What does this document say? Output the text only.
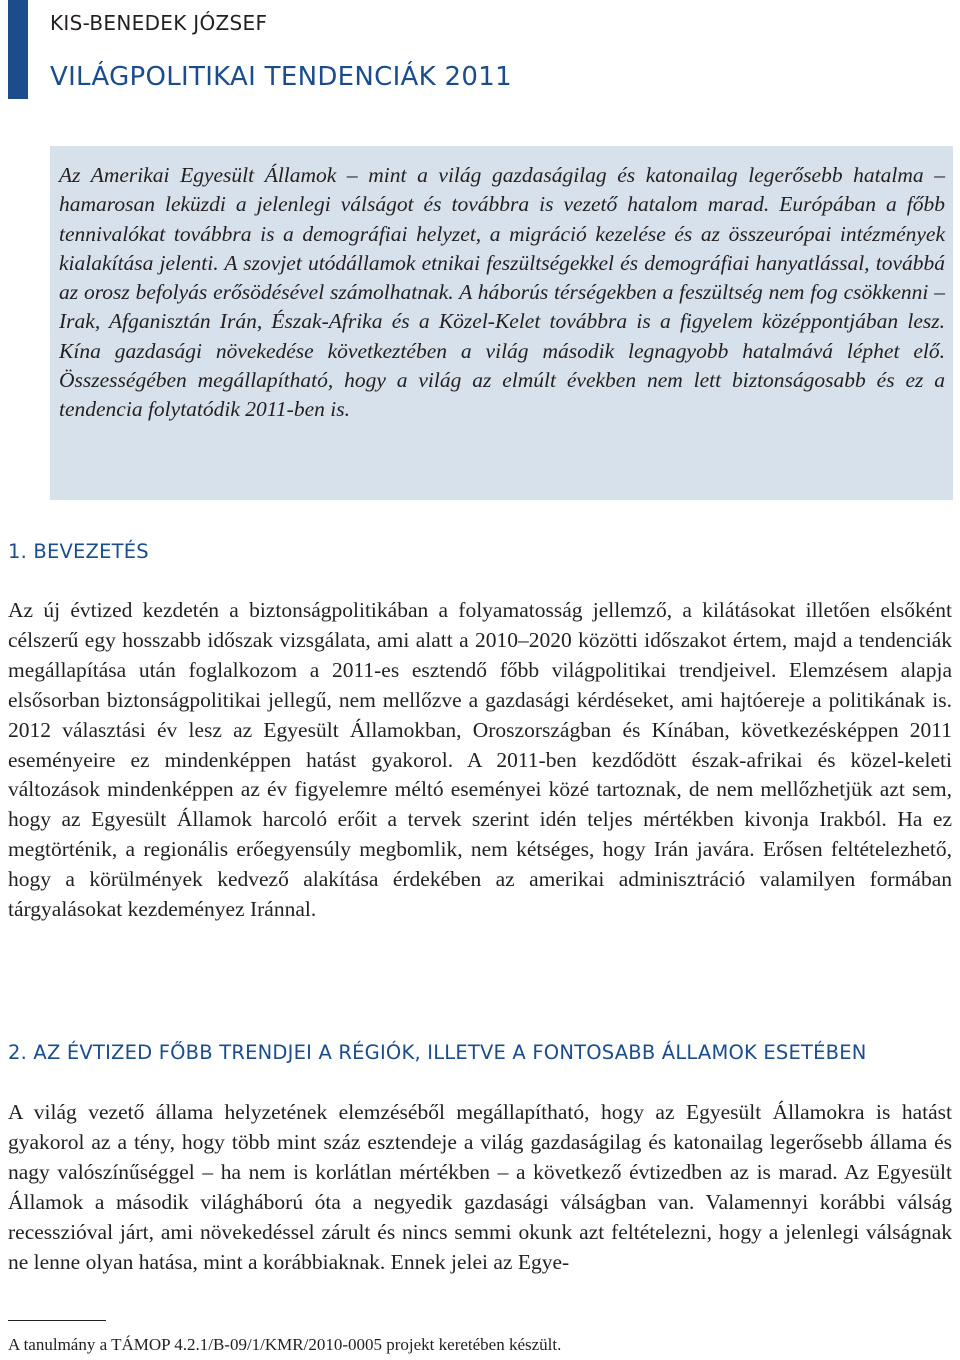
KIS-BENEDEK JÓZSEF
VILÁGPOLITIKAI TENDENCIÁK 2011

Az Amerikai Egyesült Államok – mint a világ gazdaságilag és katonailag legerősebb hatalma – hamarosan leküzdi a jelenlegi válságot és továbbra is vezető hatalom marad. Európában a főbb tennivalókat továbbra is a demográfiai helyzet, a migráció kezelése és az összeurópai intézmények kialakítása jelenti. A szovjet utódállamok etnikai feszültségekkel és demográfiai hanyatlással, továbbá az orosz befolyás erősödésével számolhatnak. A háborús térségekben a feszültség nem fog csökkenni – Irak, Afganisztán Irán, Észak-Afrika és a Közel-Kelet továbbra is a figyelem középpontjában lesz. Kína gazdasági növekedése következtében a világ második legnagyobb hatalmává léphet elő. Összességében megállapítható, hogy a világ az elmúlt években nem lett biztonságosabb és ez a tendencia folytatódik 2011-ben is.

1. BEVEZETÉS

Az új évtized kezdetén a biztonságpolitikában a folyamatosság jellemző, a kilátásokat illetően elsőként célszerű egy hosszabb időszak vizsgálata, ami alatt a 2010–2020 közötti időszakot értem, majd a tendenciák megállapítása után foglalkozom a 2011-es esztendő főbb világpolitikai trendjeivel. Elemzésem alapja elsősorban biztonságpolitikai jellegű, nem mellőzve a gazdasági kérdéseket, ami hajtóereje a politikának is. 2012 választási év lesz az Egyesült Államokban, Oroszországban és Kínában, következésképpen 2011 eseményeire ez mindenképpen hatást gyakorol. A 2011-ben kezdődött észak-afrikai és közel-keleti változások mindenképpen az év figyelemre méltó eseményei közé tartoznak, de nem mellőzhetjük azt sem, hogy az Egyesült Államok harcoló erőit a tervek szerint idén teljes mértékben kivonja Irakból. Ha ez megtörténik, a regionális erőegyensúly megbomlik, nem kétséges, hogy Irán javára. Erősen feltételezhető, hogy a körülmények kedvező alakítása érdekében az amerikai adminisztráció valamilyen formában tárgyalásokat kezdeményez Iránnal.

2. AZ ÉVTIZED FŐBB TRENDJEI A RÉGIÓK, ILLETVE A FONTOSABB ÁLLAMOK ESETÉBEN

A világ vezető állama helyzetének elemzéséből megállapítható, hogy az Egyesült Államokra is hatást gyakorol az a tény, hogy több mint száz esztendeje a világ gazdaságilag és katonailag legerősebb állama és nagy valószínűséggel – ha nem is korlátlan mértékben – a következő évtizedben az is marad. Az Egyesült Államok a második világháború óta a negyedik gazdasági válságban van. Valamennyi korábbi válság recesszióval járt, ami növekedéssel zárult és nincs semmi okunk azt feltételezni, hogy a jelenlegi válságnak ne lenne olyan hatása, mint a korábbiaknak. Ennek jelei az Egye-

A tanulmány a TÁMOP 4.2.1/B-09/1/KMR/2010-0005 projekt keretében készült.
